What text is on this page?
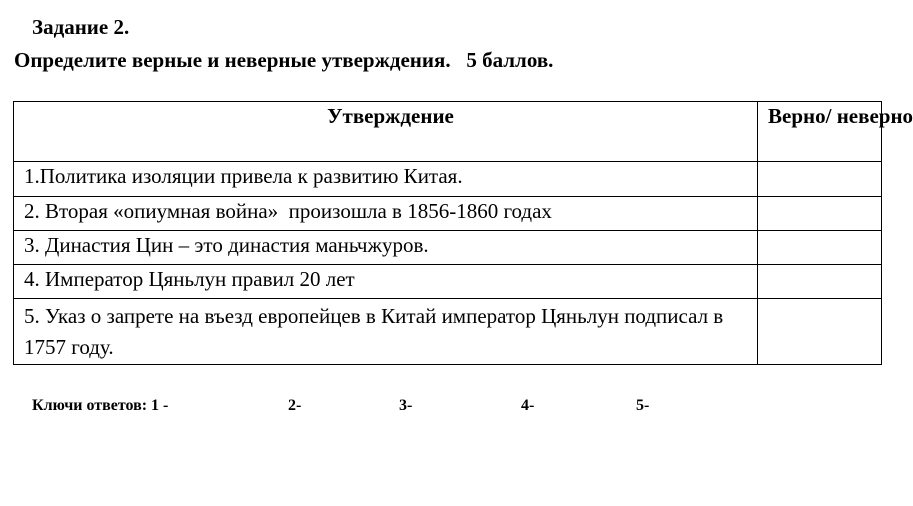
Задание 2.
Определите верные и неверные утверждения.   5 баллов.
Утверждение	Верно/ неверно
1.Политика изоляции привела к развитию Китая.	
2. Вторая «опиумная война»  произошла в 1856-1860 годах	
3. Династия Цин – это династия маньчжуров.	
4. Император Цяньлун правил 20 лет	
5. Указ о запрете на въезд европейцев в Китай император Цяньлун подписал в 1757 году.	
Ключи ответов: 1 -	2-	3-	4-	5-
